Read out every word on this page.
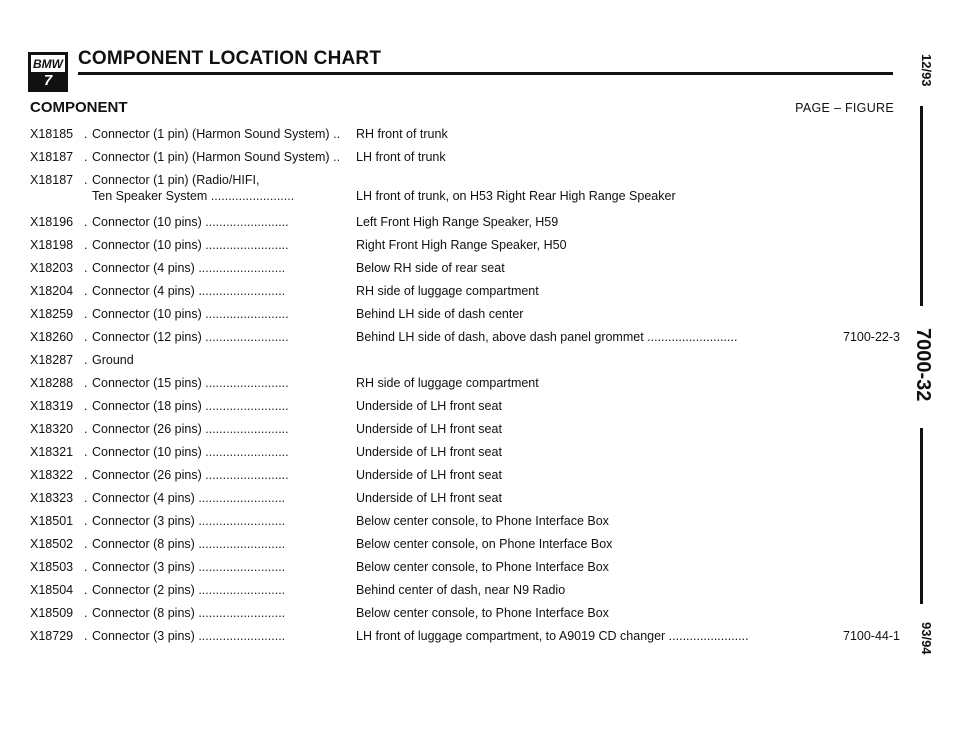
BMW
7
COMPONENT LOCATION CHART
COMPONENT	PAGE – FIGURE
X18185 . Connector (1 pin) (Harmon Sound System) ..	RH front of trunk
X18187 . Connector (1 pin) (Harmon Sound System) ..	LH front of trunk
X18187 . Connector (1 pin) (Radio/HIFI,
Ten Speaker System ........................	LH front of trunk, on H53 Right Rear High Range Speaker
X18196 . Connector (10 pins) ........................	Left Front High Range Speaker, H59
X18198 . Connector (10 pins) ........................	Right Front High Range Speaker, H50
X18203 . Connector (4 pins) .........................	Below RH side of rear seat
X18204 . Connector (4 pins) .........................	RH side of luggage compartment
X18259 . Connector (10 pins) ........................	Behind LH side of dash center
X18260 . Connector (12 pins) ........................	Behind LH side of dash, above dash panel grommet ..........................	7100-22-3
X18287 . Ground
X18288 . Connector (15 pins) ........................	RH side of luggage compartment
X18319 . Connector (18 pins) ........................	Underside of LH front seat
X18320 . Connector (26 pins) ........................	Underside of LH front seat
X18321 . Connector (10 pins) ........................	Underside of LH front seat
X18322 . Connector (26 pins) ........................	Underside of LH front seat
X18323 . Connector (4 pins) .........................	Underside of LH front seat
X18501 . Connector (3 pins) .........................	Below center console, to Phone Interface Box
X18502 . Connector (8 pins) .........................	Below center console, on Phone Interface Box
X18503 . Connector (3 pins) .........................	Below center console, to Phone Interface Box
X18504 . Connector (2 pins) .........................	Behind center of dash, near N9 Radio
X18509 . Connector (8 pins) .........................	Below center console, to Phone Interface Box
X18729 . Connector (3 pins) .........................	LH front of luggage compartment, to A9019 CD changer .......................	7100-44-1
12/93
7000-32
93/94
